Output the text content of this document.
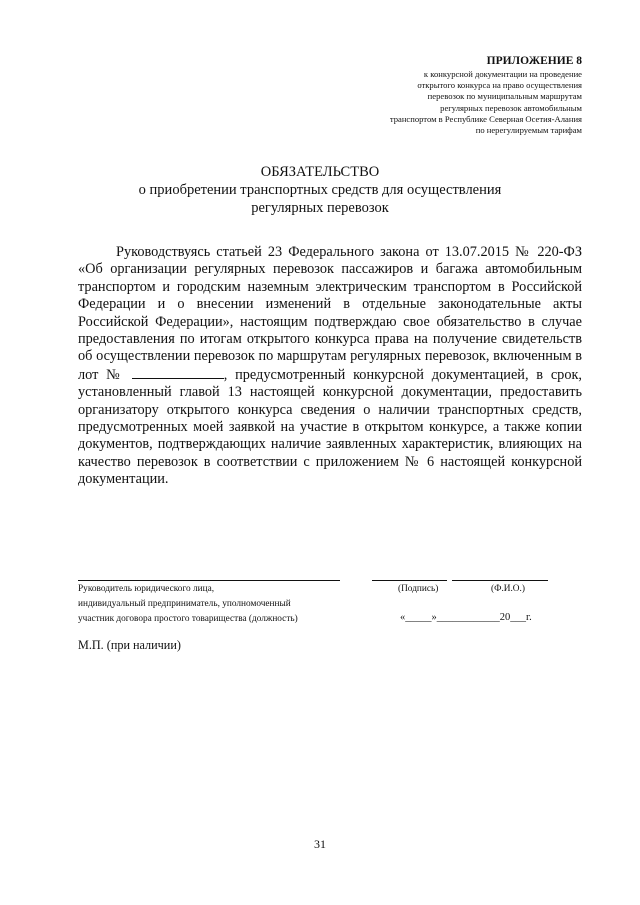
ПРИЛОЖЕНИЕ 8
к конкурсной документации на проведение
открытого конкурса на право осуществления
перевозок по муниципальным маршрутам
регулярных перевозок автомобильным
транспортом в Республике Северная Осетия-Алания
по нерегулируемым тарифам
ОБЯЗАТЕЛЬСТВО
о приобретении транспортных средств для осуществления
регулярных перевозок

Руководствуясь статьей 23 Федерального закона от 13.07.2015 № 220-ФЗ «Об организации регулярных перевозок пассажиров и багажа автомобильным транспортом и городским наземным электрическим транспортом в Российской Федерации и о внесении изменений в отдельные законодательные акты Российской Федерации», настоящим подтверждаю свое обязательство в случае предоставления по итогам открытого конкурса права на получение свидетельств об осуществлении перевозок по маршрутам регулярных перевозок, включенным в лот №	, предусмотренный конкурсной документацией, в срок, установленный главой 13 настоящей конкурсной документации, предоставить организатору открытого конкурса сведения о наличии транспортных средств, предусмотренных моей заявкой на участие в открытом конкурсе, а также копии документов, подтверждающих наличие заявленных характеристик, влияющих на качество перевозок в соответствии с приложением № 6 настоящей конкурсной документации.

Руководитель юридического лица,
индивидуальный предприниматель, уполномоченный
участник договора простого товарищества (должность)
(Подпись)	(Ф.И.О.)
«_____»____________20___г.
М.П. (при наличии)
31
